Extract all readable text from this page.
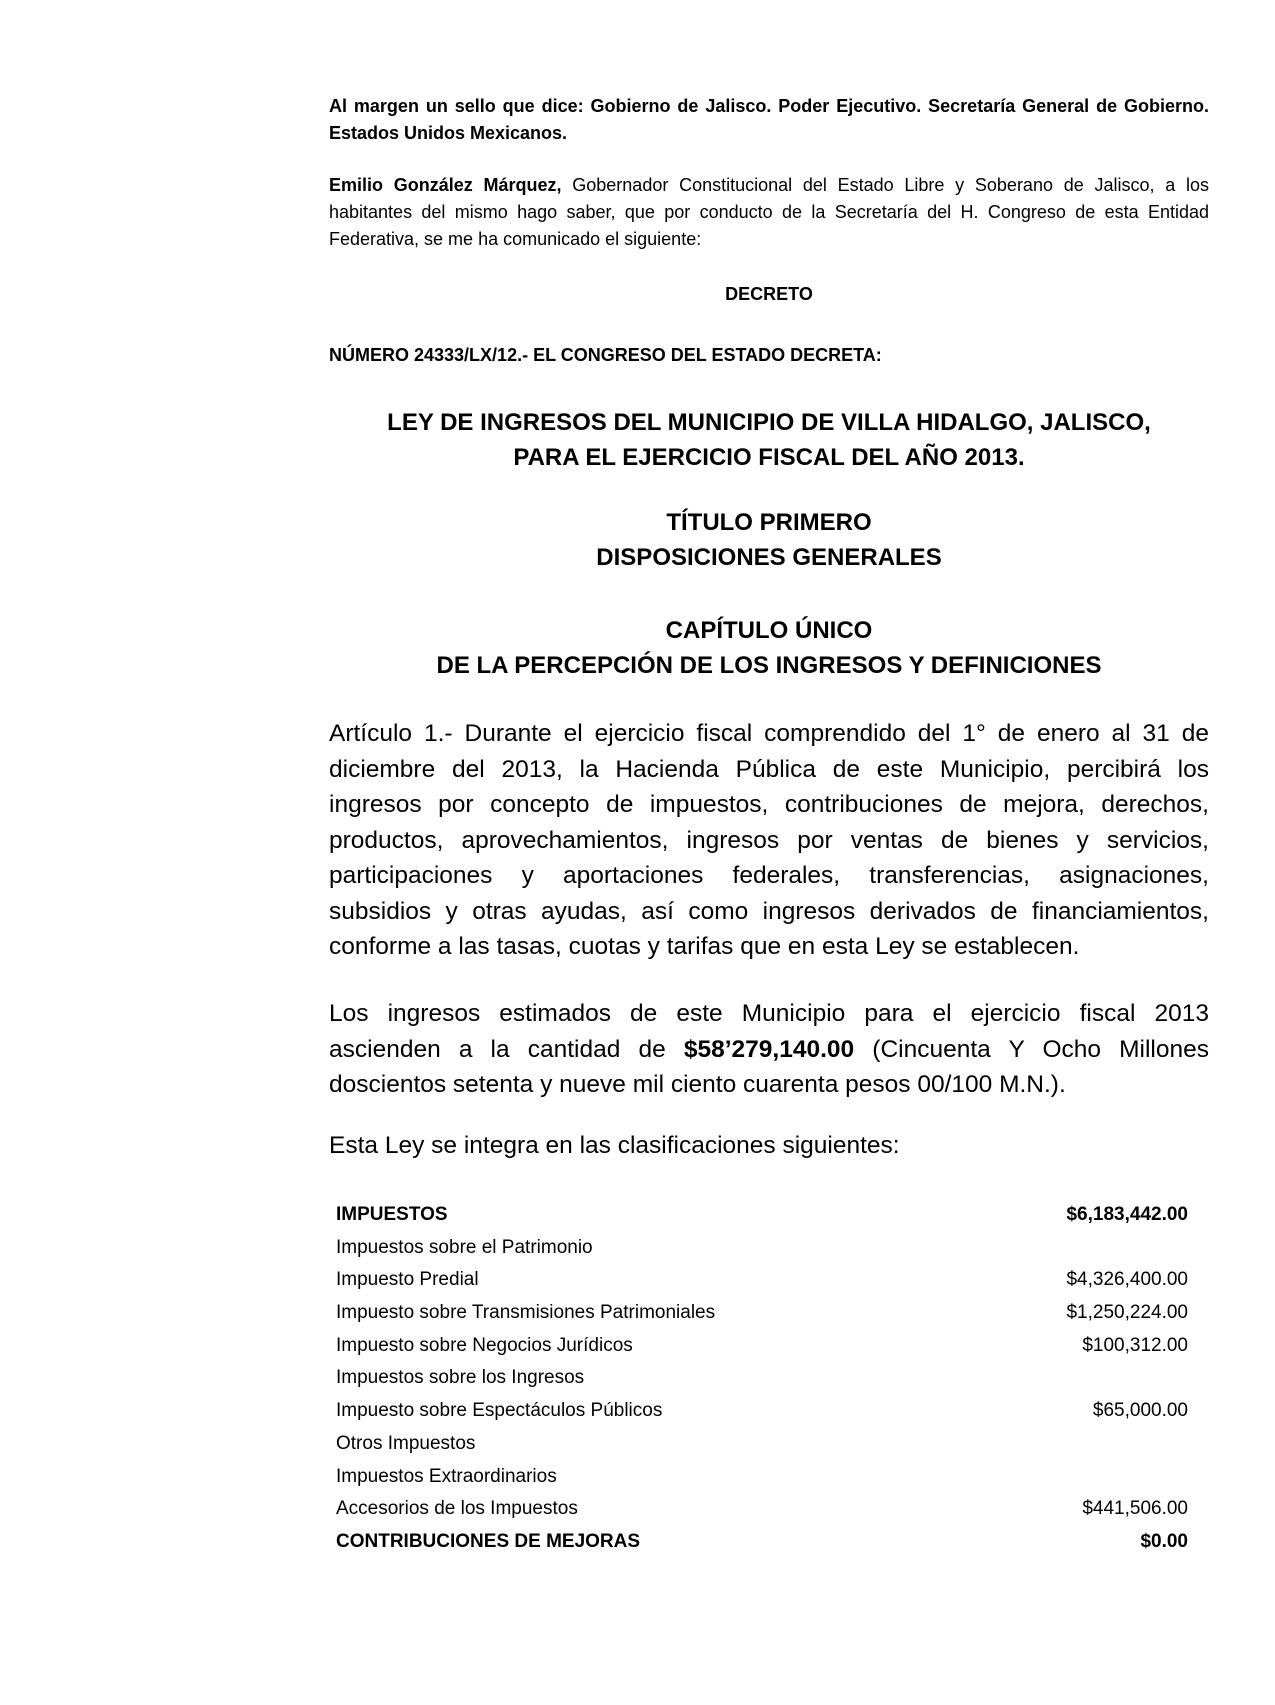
Al margen un sello que dice: Gobierno de Jalisco. Poder Ejecutivo. Secretaría General de Gobierno. Estados Unidos Mexicanos.
Emilio González Márquez, Gobernador Constitucional del Estado Libre y Soberano de Jalisco, a los habitantes del mismo hago saber, que por conducto de la Secretaría del H. Congreso de esta Entidad Federativa, se me ha comunicado el siguiente:
DECRETO
NÚMERO 24333/LX/12.- EL CONGRESO DEL ESTADO DECRETA:
LEY DE INGRESOS DEL MUNICIPIO DE VILLA HIDALGO, JALISCO,
PARA EL EJERCICIO FISCAL DEL AÑO 2013.
TÍTULO PRIMERO
DISPOSICIONES GENERALES
CAPÍTULO ÚNICO
DE LA PERCEPCIÓN DE LOS INGRESOS Y DEFINICIONES

Artículo 1.- Durante el ejercicio fiscal comprendido del 1° de enero al 31 de

diciembre del 2013, la Hacienda Pública de este Municipio, percibirá los

ingresos por concepto de impuestos, contribuciones de mejora, derechos,

productos, aprovechamientos, ingresos por ventas de bienes y servicios,

participaciones y aportaciones federales, transferencias, asignaciones,

subsidios y otras ayudas, así como ingresos derivados de financiamientos,

conforme a las tasas, cuotas y tarifas que en esta Ley se establecen.

Los ingresos estimados de este Municipio para el ejercicio fiscal 2013

ascienden a la cantidad de $58’279,140.00 (Cincuenta Y Ocho Millones

doscientos setenta y nueve mil ciento cuarenta pesos 00/100 M.N.).

Esta Ley se integra en las clasificaciones siguientes:

IMPUESTOS	$6,183,442.00
Impuestos sobre el Patrimonio
Impuesto Predial	$4,326,400.00
Impuesto sobre Transmisiones Patrimoniales	$1,250,224.00
Impuesto sobre Negocios Jurídicos	$100,312.00
Impuestos sobre los Ingresos
Impuesto sobre Espectáculos Públicos	$65,000.00
Otros Impuestos
Impuestos Extraordinarios
Accesorios de los Impuestos	$441,506.00
CONTRIBUCIONES DE MEJORAS	$0.00
